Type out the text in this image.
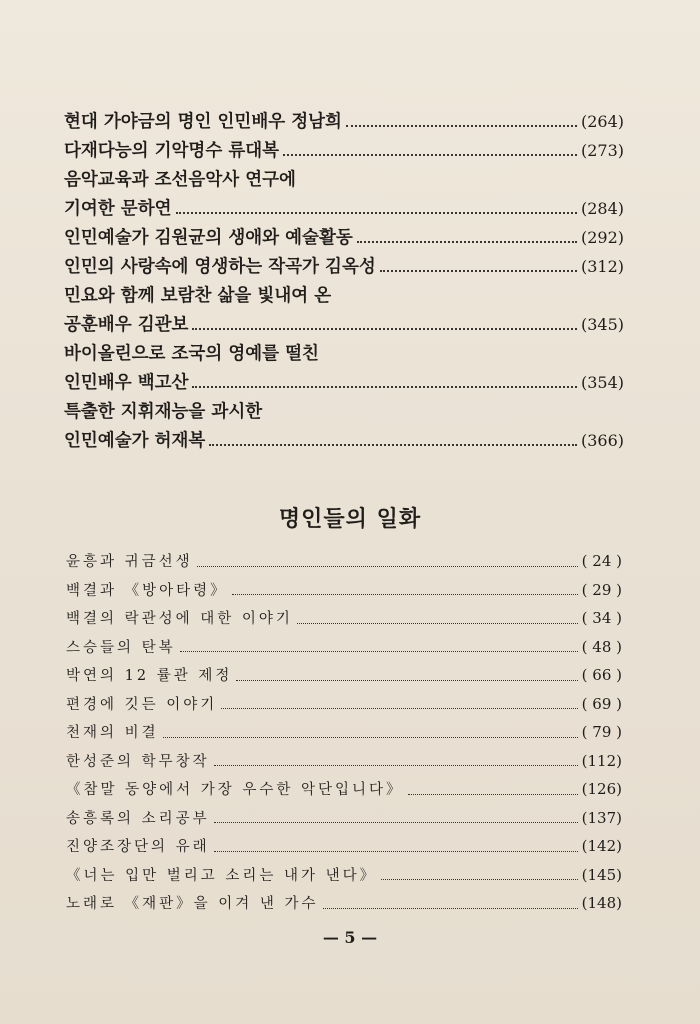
현대 가야금의 명인 인민배우 정남희	(264)
다재다능의 기악명수 류대복	(273)
음악교육과 조선음악사 연구에
기여한 문하연	(284)
인민예술가 김원균의 생애와 예술활동	(292)
인민의 사랑속에 영생하는 작곡가 김옥성	(312)
민요와 함께 보람찬 삶을 빛내여 온
공훈배우 김관보	(345)
바이올린으로 조국의 영예를 떨친
인민배우 백고산	(354)
특출한 지휘재능을 과시한
인민예술가 허재복	(366)
명인들의 일화
윤흥과 귀금선생	( 24 )
백결과 《방아타령》	( 29 )
백결의 락관성에 대한 이야기	( 34 )
스승들의 탄복	( 48 )
박연의 12 률관 제정	( 66 )
편경에 깃든 이야기	( 69 )
천재의 비결	( 79 )
한성준의 학무창작	(112)
《참말 동양에서 가장 우수한 악단입니다》	(126)
송흥록의 소리공부	(137)
진양조장단의 유래	(142)
《너는 입만 벌리고 소리는 내가 낸다》	(145)
노래로 《재판》을 이겨 낸 가수	(148)
— 5 —
